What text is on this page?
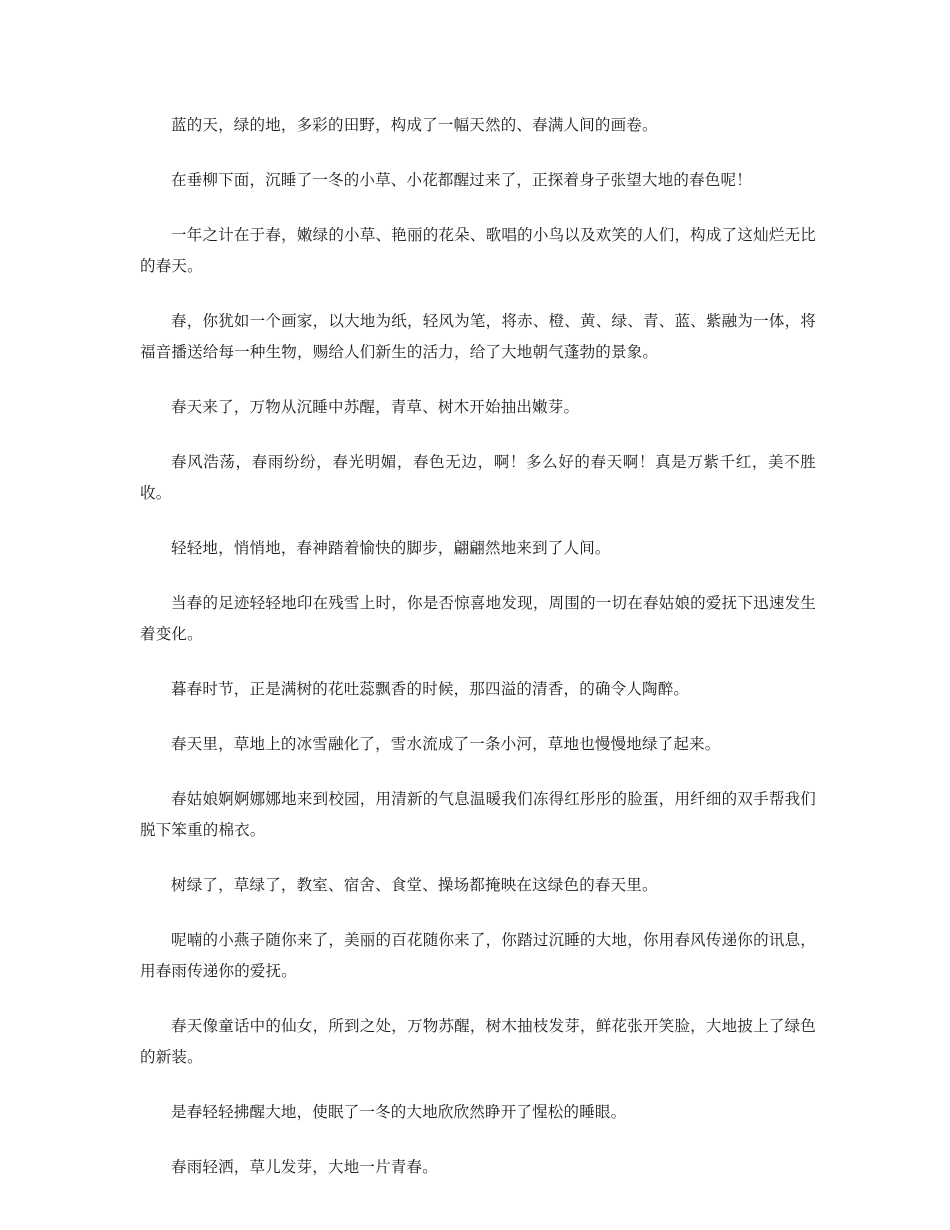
蓝的天，绿的地，多彩的田野，构成了一幅天然的、春满人间的画卷。

在垂柳下面，沉睡了一冬的小草、小花都醒过来了，正探着身子张望大地的春色呢！

一年之计在于春，嫩绿的小草、艳丽的花朵、歌唱的小鸟以及欢笑的人们，构成了这灿烂无比的春天。

春，你犹如一个画家，以大地为纸，轻风为笔，将赤、橙、黄、绿、青、蓝、紫融为一体，将福音播送给每一种生物，赐给人们新生的活力，给了大地朝气蓬勃的景象。

春天来了，万物从沉睡中苏醒，青草、树木开始抽出嫩芽。

春风浩荡，春雨纷纷，春光明媚，春色无边，啊！多么好的春天啊！真是万紫千红，美不胜收。

轻轻地，悄悄地，春神踏着愉快的脚步，翩翩然地来到了人间。

当春的足迹轻轻地印在残雪上时，你是否惊喜地发现，周围的一切在春姑娘的爱抚下迅速发生着变化。

暮春时节，正是满树的花吐蕊飘香的时候，那四溢的清香，的确令人陶醉。

春天里，草地上的冰雪融化了，雪水流成了一条小河，草地也慢慢地绿了起来。

春姑娘婀婀娜娜地来到校园，用清新的气息温暖我们冻得红彤彤的脸蛋，用纤细的双手帮我们脱下笨重的棉衣。

树绿了，草绿了，教室、宿舍、食堂、操场都掩映在这绿色的春天里。

呢喃的小燕子随你来了，美丽的百花随你来了，你踏过沉睡的大地，你用春风传递你的讯息，用春雨传递你的爱抚。

春天像童话中的仙女，所到之处，万物苏醒，树木抽枝发芽，鲜花张开笑脸，大地披上了绿色的新装。

是春轻轻拂醒大地，使眠了一冬的大地欣欣然睁开了惺松的睡眼。

春雨轻洒，草儿发芽，大地一片青春。
